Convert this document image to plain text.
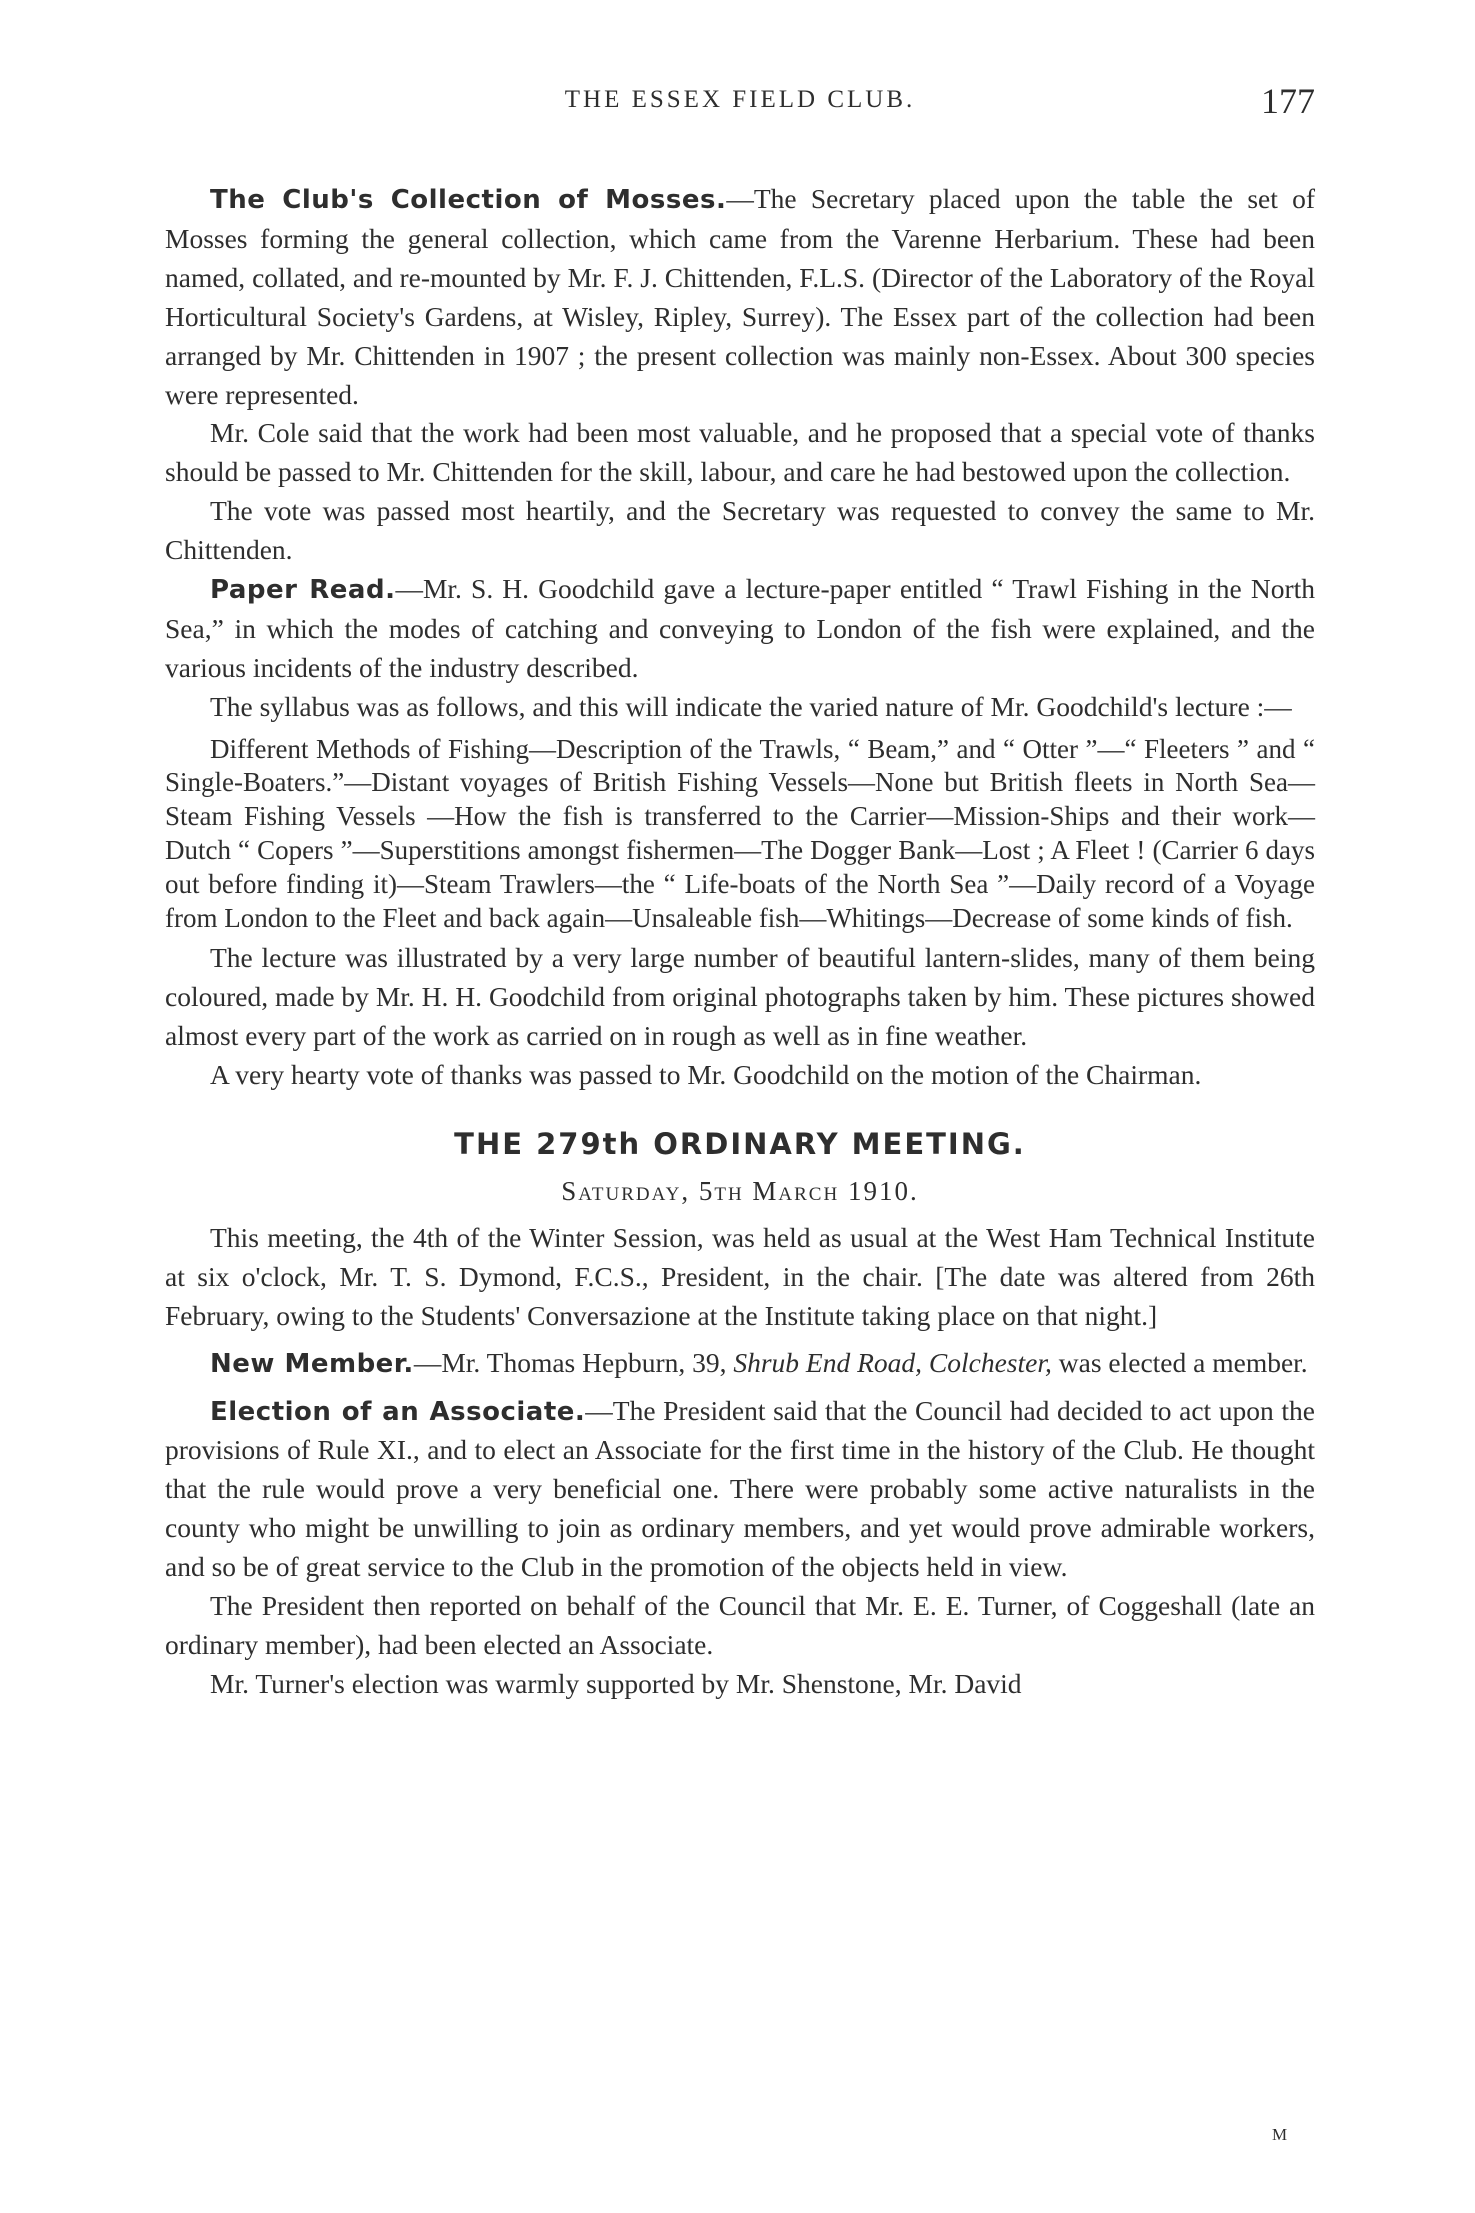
THE ESSEX FIELD CLUB.	177

The Club's Collection of Mosses.—The Secretary placed upon the table the set of Mosses forming the general collection, which came from the Varenne Herbarium. These had been named, collated, and re-mounted by Mr. F. J. Chittenden, F.L.S. (Director of the Laboratory of the Royal Horticultural Society's Gardens, at Wisley, Ripley, Surrey). The Essex part of the collection had been arranged by Mr. Chittenden in 1907 ; the present collection was mainly non-Essex. About 300 species were represented.

Mr. Cole said that the work had been most valuable, and he proposed that a special vote of thanks should be passed to Mr. Chittenden for the skill, labour, and care he had bestowed upon the collection.

The vote was passed most heartily, and the Secretary was requested to convey the same to Mr. Chittenden.

Paper Read.—Mr. S. H. Goodchild gave a lecture-paper entitled “ Trawl Fishing in the North Sea,” in which the modes of catching and conveying to London of the fish were explained, and the various incidents of the industry described.

The syllabus was as follows, and this will indicate the varied nature of Mr. Goodchild's lecture :—

Different Methods of Fishing—Description of the Trawls, “ Beam,” and “ Otter ”—“ Fleeters ” and “ Single-Boaters.”—Distant voyages of British Fishing Vessels—None but British fleets in North Sea—Steam Fishing Vessels —How the fish is transferred to the Carrier—Mission-Ships and their work— Dutch “ Copers ”—Superstitions amongst fishermen—The Dogger Bank—Lost ; A Fleet ! (Carrier 6 days out before finding it)—Steam Trawlers—the “ Life-boats of the North Sea ”—Daily record of a Voyage from London to the Fleet and back again—Unsaleable fish—Whitings—Decrease of some kinds of fish.

The lecture was illustrated by a very large number of beautiful lantern-slides, many of them being coloured, made by Mr. H. H. Goodchild from original photographs taken by him. These pictures showed almost every part of the work as carried on in rough as well as in fine weather.

A very hearty vote of thanks was passed to Mr. Goodchild on the motion of the Chairman.

THE 279th ORDINARY MEETING.

Saturday, 5th March 1910.

This meeting, the 4th of the Winter Session, was held as usual at the West Ham Technical Institute at six o'clock, Mr. T. S. Dymond, F.C.S., President, in the chair. [The date was altered from 26th February, owing to the Students' Conversazione at the Institute taking place on that night.]

New Member.—Mr. Thomas Hepburn, 39, Shrub End Road, Colchester, was elected a member.

Election of an Associate.—The President said that the Council had decided to act upon the provisions of Rule XI., and to elect an Associate for the first time in the history of the Club. He thought that the rule would prove a very beneficial one. There were probably some active naturalists in the county who might be unwilling to join as ordinary members, and yet would prove admirable workers, and so be of great service to the Club in the promotion of the objects held in view.

The President then reported on behalf of the Council that Mr. E. E. Turner, of Coggeshall (late an ordinary member), had been elected an Associate.

Mr. Turner's election was warmly supported by Mr. Shenstone, Mr. David

M
